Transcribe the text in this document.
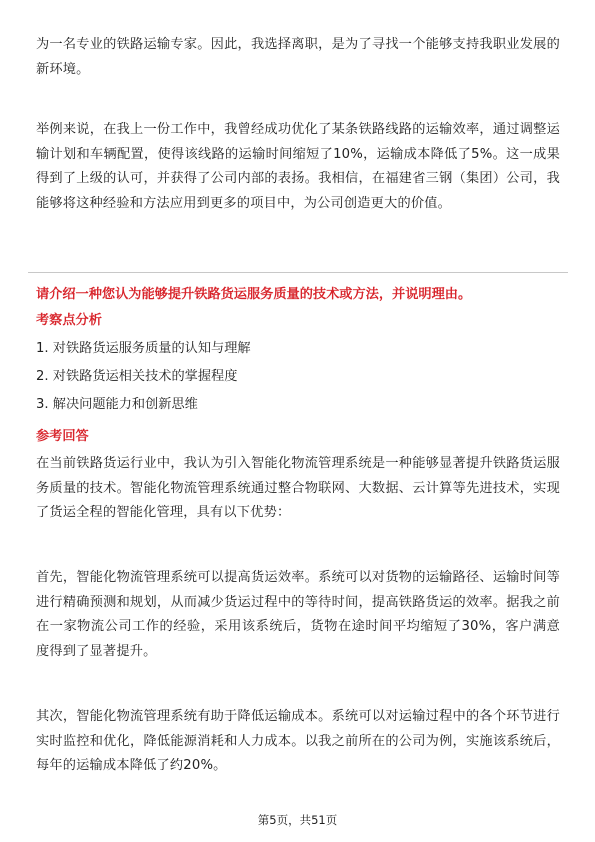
为一名专业的铁路运输专家。因此，我选择离职，是为了寻找一个能够支持我职业发展的新环境。

举例来说，在我上一份工作中，我曾经成功优化了某条铁路线路的运输效率，通过调整运输计划和车辆配置，使得该线路的运输时间缩短了10%，运输成本降低了5%。这一成果得到了上级的认可，并获得了公司内部的表扬。我相信，在福建省三钢（集团）公司，我能够将这种经验和方法应用到更多的项目中，为公司创造更大的价值。

请介绍一种您认为能够提升铁路货运服务质量的技术或方法，并说明理由。

考察点分析

1. 对铁路货运服务质量的认知与理解

2. 对铁路货运相关技术的掌握程度

3. 解决问题能力和创新思维

参考回答

在当前铁路货运行业中，我认为引入智能化物流管理系统是一种能够显著提升铁路货运服务质量的技术。智能化物流管理系统通过整合物联网、大数据、云计算等先进技术，实现了货运全程的智能化管理，具有以下优势：

首先，智能化物流管理系统可以提高货运效率。系统可以对货物的运输路径、运输时间等进行精确预测和规划，从而减少货运过程中的等待时间，提高铁路货运的效率。据我之前在一家物流公司工作的经验，采用该系统后，货物在途时间平均缩短了30%，客户满意度得到了显著提升。

其次，智能化物流管理系统有助于降低运输成本。系统可以对运输过程中的各个环节进行实时监控和优化，降低能源消耗和人力成本。以我之前所在的公司为例，实施该系统后，每年的运输成本降低了约20%。

第5页，共51页
